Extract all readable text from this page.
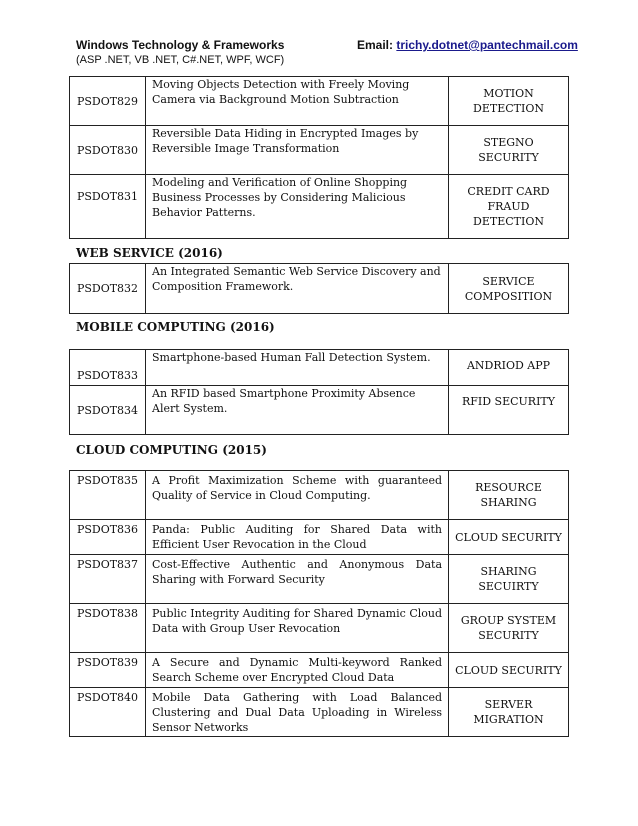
Windows Technology & Frameworks
(ASP .NET, VB .NET, C#.NET, WPF, WCF)
Email: trichy.dotnet@pantechmail.com
PSDOT829	Moving Objects Detection with Freely Moving Camera via Background Motion Subtraction	MOTION DETECTION
PSDOT830	Reversible Data Hiding in Encrypted Images by Reversible Image Transformation	STEGNO SECURITY
PSDOT831	Modeling and Verification of Online Shopping Business Processes by Considering Malicious Behavior Patterns.	CREDIT CARD FRAUD DETECTION
WEB SERVICE (2016)
PSDOT832	An Integrated Semantic Web Service Discovery and Composition Framework.	SERVICE COMPOSITION
MOBILE COMPUTING (2016)
PSDOT833	Smartphone-based Human Fall Detection System.	ANDRIOD APP
PSDOT834	An RFID based Smartphone Proximity Absence Alert System.	RFID SECURITY
CLOUD COMPUTING (2015)
PSDOT835	A Profit Maximization Scheme with guaranteed Quality of Service in Cloud Computing.	RESOURCE SHARING
PSDOT836	Panda: Public Auditing for Shared Data with Efficient User Revocation in the Cloud	CLOUD SECURITY
PSDOT837	Cost-Effective Authentic and Anonymous Data Sharing with Forward Security	SHARING SECUIRTY
PSDOT838	Public Integrity Auditing for Shared Dynamic Cloud Data with Group User Revocation	GROUP SYSTEM SECURITY
PSDOT839	A Secure and Dynamic Multi-keyword Ranked Search Scheme over Encrypted Cloud Data	CLOUD SECURITY
PSDOT840	Mobile Data Gathering with Load Balanced Clustering and Dual Data Uploading in Wireless Sensor Networks	SERVER MIGRATION
